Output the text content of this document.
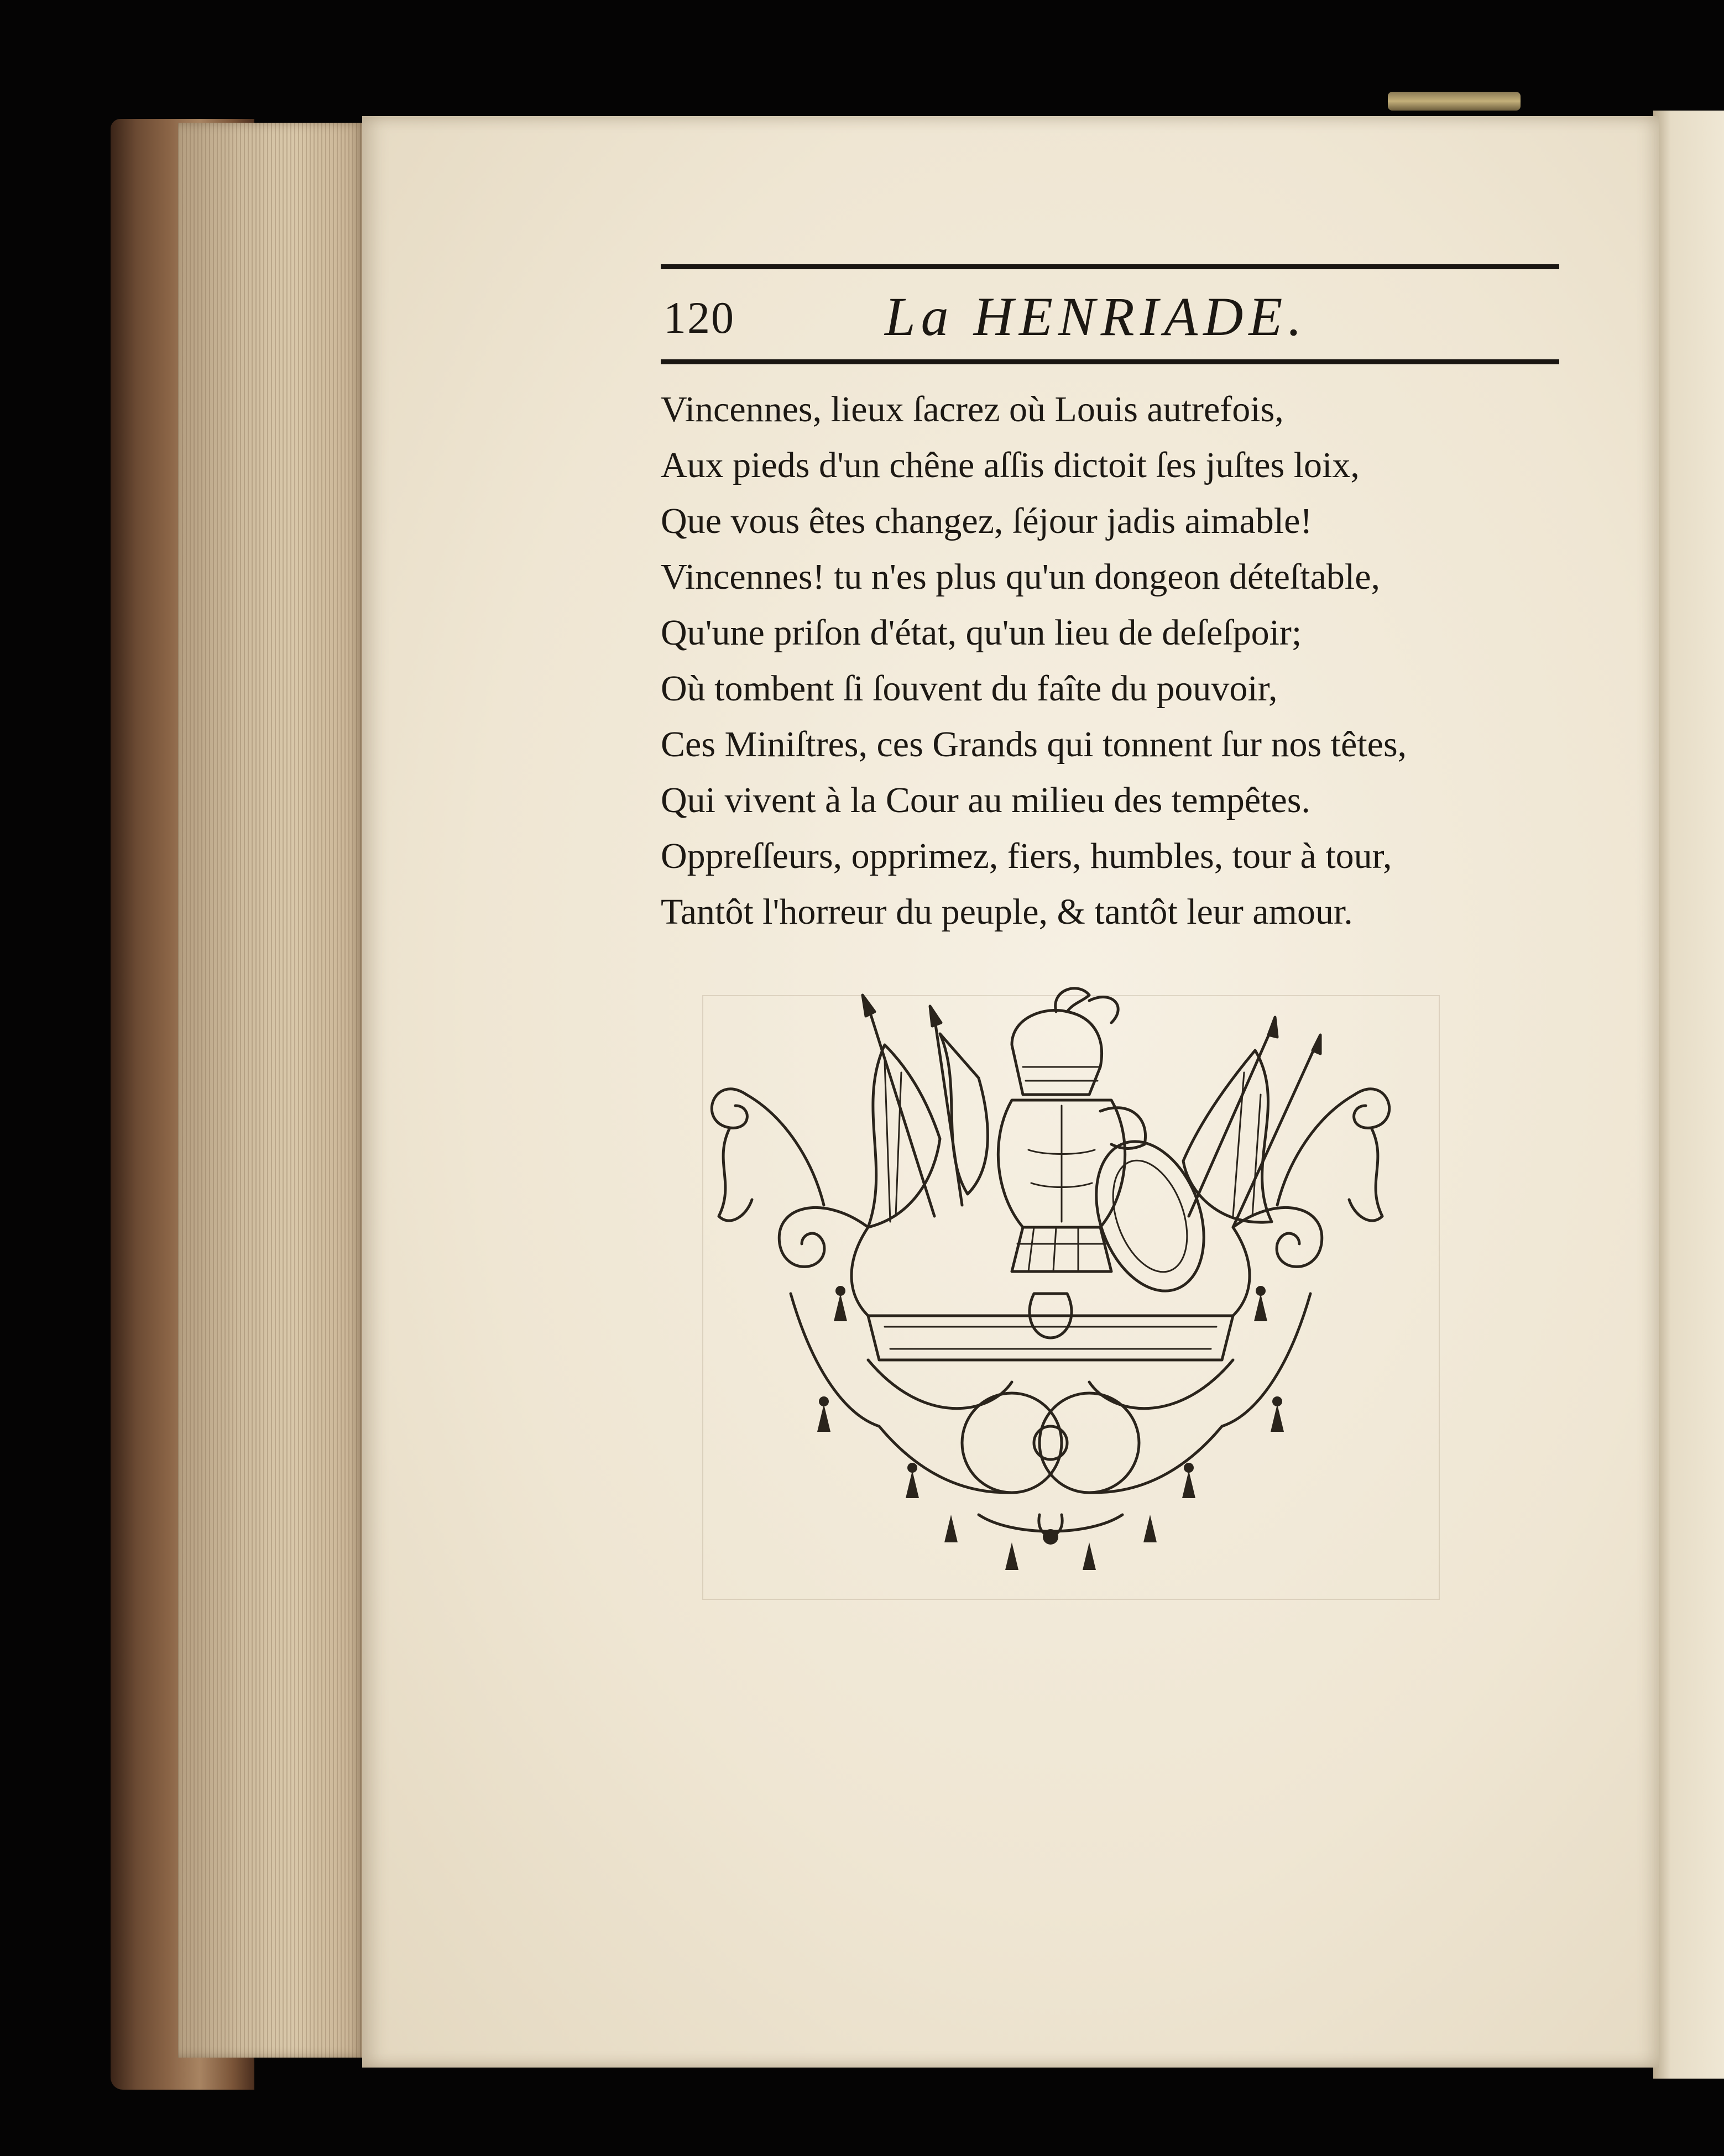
120	La HENRIADE.
Vincennes, lieux ſacrez où Louis autrefois,
Aux pieds d'un chêne aſſis dictoit ſes juſtes loix,
Que vous êtes changez, ſéjour jadis aimable!
Vincennes! tu n'es plus qu'un dongeon déteſtable,
Qu'une priſon d'état, qu'un lieu de deſeſpoir;
Où tombent ſi ſouvent du faîte du pouvoir,
Ces Miniſtres, ces Grands qui tonnent ſur nos têtes,
Qui vivent à la Cour au milieu des tempêtes.
Oppreſſeurs, opprimez, fiers, humbles, tour à tour,
Tantôt l'horreur du peuple, & tantôt leur amour.
